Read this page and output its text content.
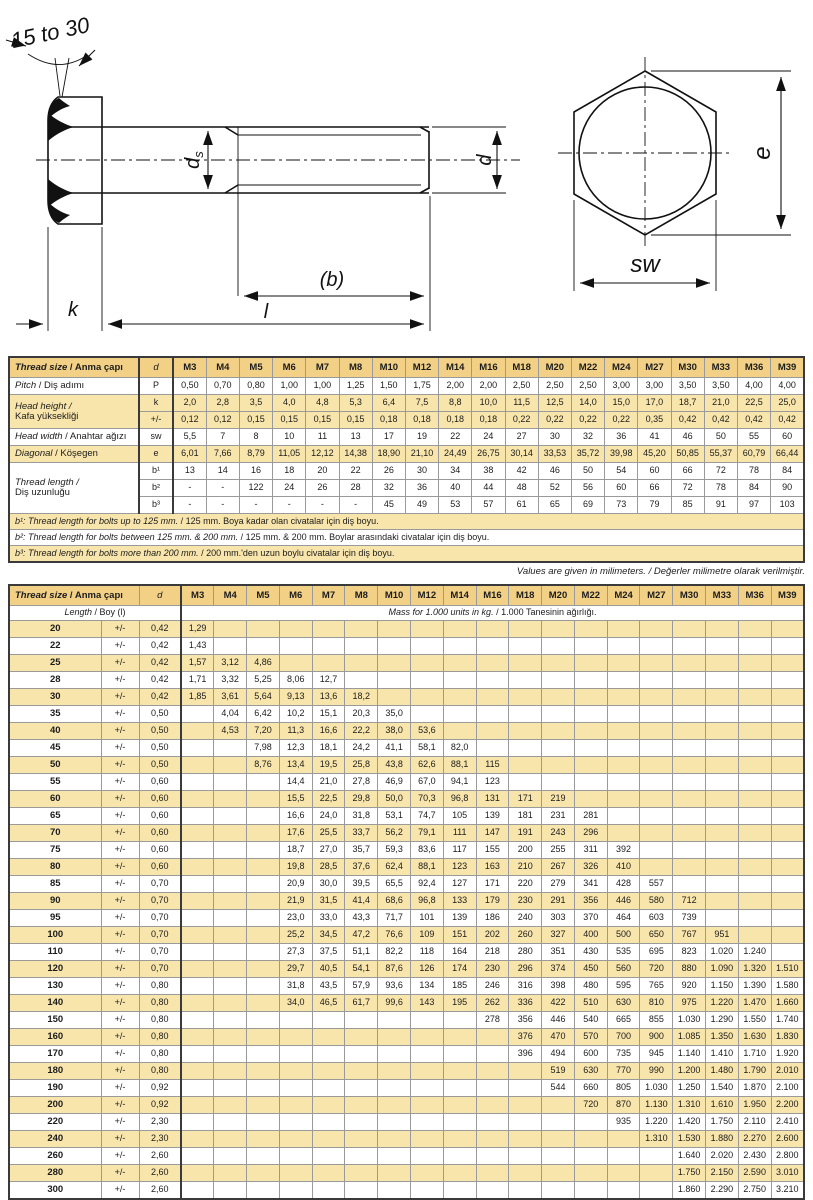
15 to 30
$d_s$	d
(b)
l
k
e
sw
Thread size / Anma çapı	d	M3	M4	M5	M6	M7	M8	M10	M12	M14	M16	M18	M20	M22	M24	M27	M30	M33	M36	M39
Pitch / Diş adımı	P	0,50	0,70	0,80	1,00	1,00	1,25	1,50	1,75	2,00	2,00	2,50	2,50	2,50	3,00	3,00	3,50	3,50	4,00	4,00
Head height /
Kafa yüksekliği	k	2,0	2,8	3,5	4,0	4,8	5,3	6,4	7,5	8,8	10,0	11,5	12,5	14,0	15,0	17,0	18,7	21,0	22,5	25,0
	+/-	0,12	0,12	0,15	0,15	0,15	0,15	0,18	0,18	0,18	0,18	0,22	0,22	0,22	0,22	0,35	0,42	0,42	0,42	0,42
Head width / Anahtar ağızı	sw	5,5	7	8	10	11	13	17	19	22	24	27	30	32	36	41	46	50	55	60
Diagonal / Köşegen	e	6,01	7,66	8,79	11,05	12,12	14,38	18,90	21,10	24,49	26,75	30,14	33,53	35,72	39,98	45,20	50,85	55,37	60,79	66,44
Thread length /
Diş uzunluğu	b¹	13	14	16	18	20	22	26	30	34	38	42	46	50	54	60	66	72	78	84
	b²	-	-	122	24	26	28	32	36	40	44	48	52	56	60	66	72	78	84	90
	b³	-	-	-	-	-	-	45	49	53	57	61	65	69	73	79	85	91	97	103
b¹: Thread length for bolts up to 125 mm. / 125 mm. Boya kadar olan civatalar için diş boyu.																				
b²: Thread length for bolts between 125 mm. & 200 mm. / 125 mm. & 200 mm. Boylar arasındaki civatalar için diş boyu.																				
b³: Thread length for bolts more than 200 mm. / 200 mm.'den uzun boylu civatalar için diş boyu.																				
Values are given in milimeters. / Değerler milimetre olarak verilmiştir.
Thread size / Anma çapı		d	M3	M4	M5	M6	M7	M8	M10	M12	M14	M16	M18	M20	M22	M24	M27	M30	M33	M36	M39
Length / Boy (l)			Mass for 1.000 units in kg. / 1.000 Tanesinin ağırlığı.																		
20	+/-	0,42	1,29																		
22	+/-	0,42	1,43																		
25	+/-	0,42	1,57	3,12	4,86																
28	+/-	0,42	1,71	3,32	5,25	8,06	12,7														
30	+/-	0,42	1,85	3,61	5,64	9,13	13,6	18,2													
35	+/-	0,50		4,04	6,42	10,2	15,1	20,3	35,0												
40	+/-	0,50		4,53	7,20	11,3	16,6	22,2	38,0	53,6											
45	+/-	0,50			7,98	12,3	18,1	24,2	41,1	58,1	82,0										
50	+/-	0,50			8,76	13,4	19,5	25,8	43,8	62,6	88,1	115									
55	+/-	0,60				14,4	21,0	27,8	46,9	67,0	94,1	123									
60	+/-	0,60				15,5	22,5	29,8	50,0	70,3	96,8	131	171	219							
65	+/-	0,60				16,6	24,0	31,8	53,1	74,7	105	139	181	231	281						
70	+/-	0,60				17,6	25,5	33,7	56,2	79,1	111	147	191	243	296						
75	+/-	0,60				18,7	27,0	35,7	59,3	83,6	117	155	200	255	311	392					
80	+/-	0,60				19,8	28,5	37,6	62,4	88,1	123	163	210	267	326	410					
85	+/-	0,70				20,9	30,0	39,5	65,5	92,4	127	171	220	279	341	428	557				
90	+/-	0,70				21,9	31,5	41,4	68,6	96,8	133	179	230	291	356	446	580	712			
95	+/-	0,70				23,0	33,0	43,3	71,7	101	139	186	240	303	370	464	603	739			
100	+/-	0,70				25,2	34,5	47,2	76,6	109	151	202	260	327	400	500	650	767	951		
110	+/-	0,70				27,3	37,5	51,1	82,2	118	164	218	280	351	430	535	695	823	1.020	1.240	
120	+/-	0,70				29,7	40,5	54,1	87,6	126	174	230	296	374	450	560	720	880	1.090	1.320	1.510
130	+/-	0,80				31,8	43,5	57,9	93,6	134	185	246	316	398	480	595	765	920	1.150	1.390	1.580
140	+/-	0,80				34,0	46,5	61,7	99,6	143	195	262	336	422	510	630	810	975	1.220	1.470	1.660
150	+/-	0,80										278	356	446	540	665	855	1.030	1.290	1.550	1.740
160	+/-	0,80											376	470	570	700	900	1.085	1.350	1.630	1.830
170	+/-	0,80											396	494	600	735	945	1.140	1.410	1.710	1.920
180	+/-	0,80												519	630	770	990	1.200	1.480	1.790	2.010
190	+/-	0,92												544	660	805	1.030	1.250	1.540	1.870	2.100
200	+/-	0,92													720	870	1.130	1.310	1.610	1.950	2.200
220	+/-	2,30														935	1.220	1.420	1.750	2.110	2.410
240	+/-	2,30															1.310	1.530	1.880	2.270	2.600
260	+/-	2,60																1.640	2.020	2.430	2.800
280	+/-	2,60																1.750	2.150	2.590	3.010
300	+/-	2,60																1.860	2.290	2.750	3.210
